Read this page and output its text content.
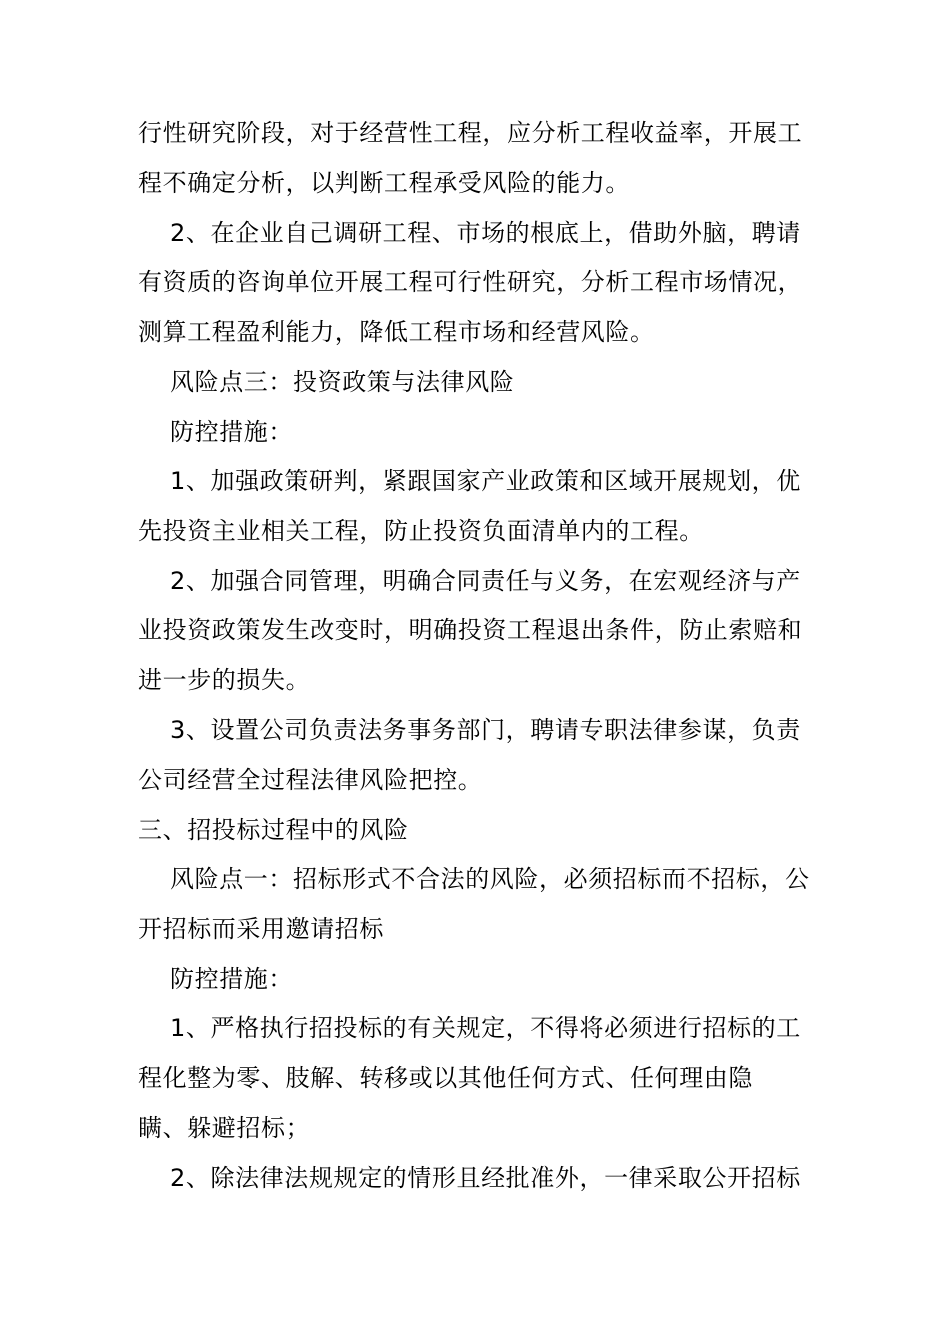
行性研究阶段，对于经营性工程，应分析工程收益率，开展工
程不确定分析，以判断工程承受风险的能力。
2、在企业自己调研工程、市场的根底上，借助外脑，聘请
有资质的咨询单位开展工程可行性研究，分析工程市场情况，
测算工程盈利能力，降低工程市场和经营风险。
风险点三：投资政策与法律风险
防控措施：
1、加强政策研判，紧跟国家产业政策和区域开展规划，优
先投资主业相关工程，防止投资负面清单内的工程。
2、加强合同管理，明确合同责任与义务，在宏观经济与产
业投资政策发生改变时，明确投资工程退出条件，防止索赔和
进一步的损失。
3、设置公司负责法务事务部门，聘请专职法律参谋，负责
公司经营全过程法律风险把控。
三、招投标过程中的风险
风险点一：招标形式不合法的风险，必须招标而不招标，公
开招标而采用邀请招标
防控措施：
1、严格执行招投标的有关规定，不得将必须进行招标的工
程化整为零、肢解、转移或以其他任何方式、任何理由隐
瞒、躲避招标；
2、除法律法规规定的情形且经批准外，一律采取公开招标
